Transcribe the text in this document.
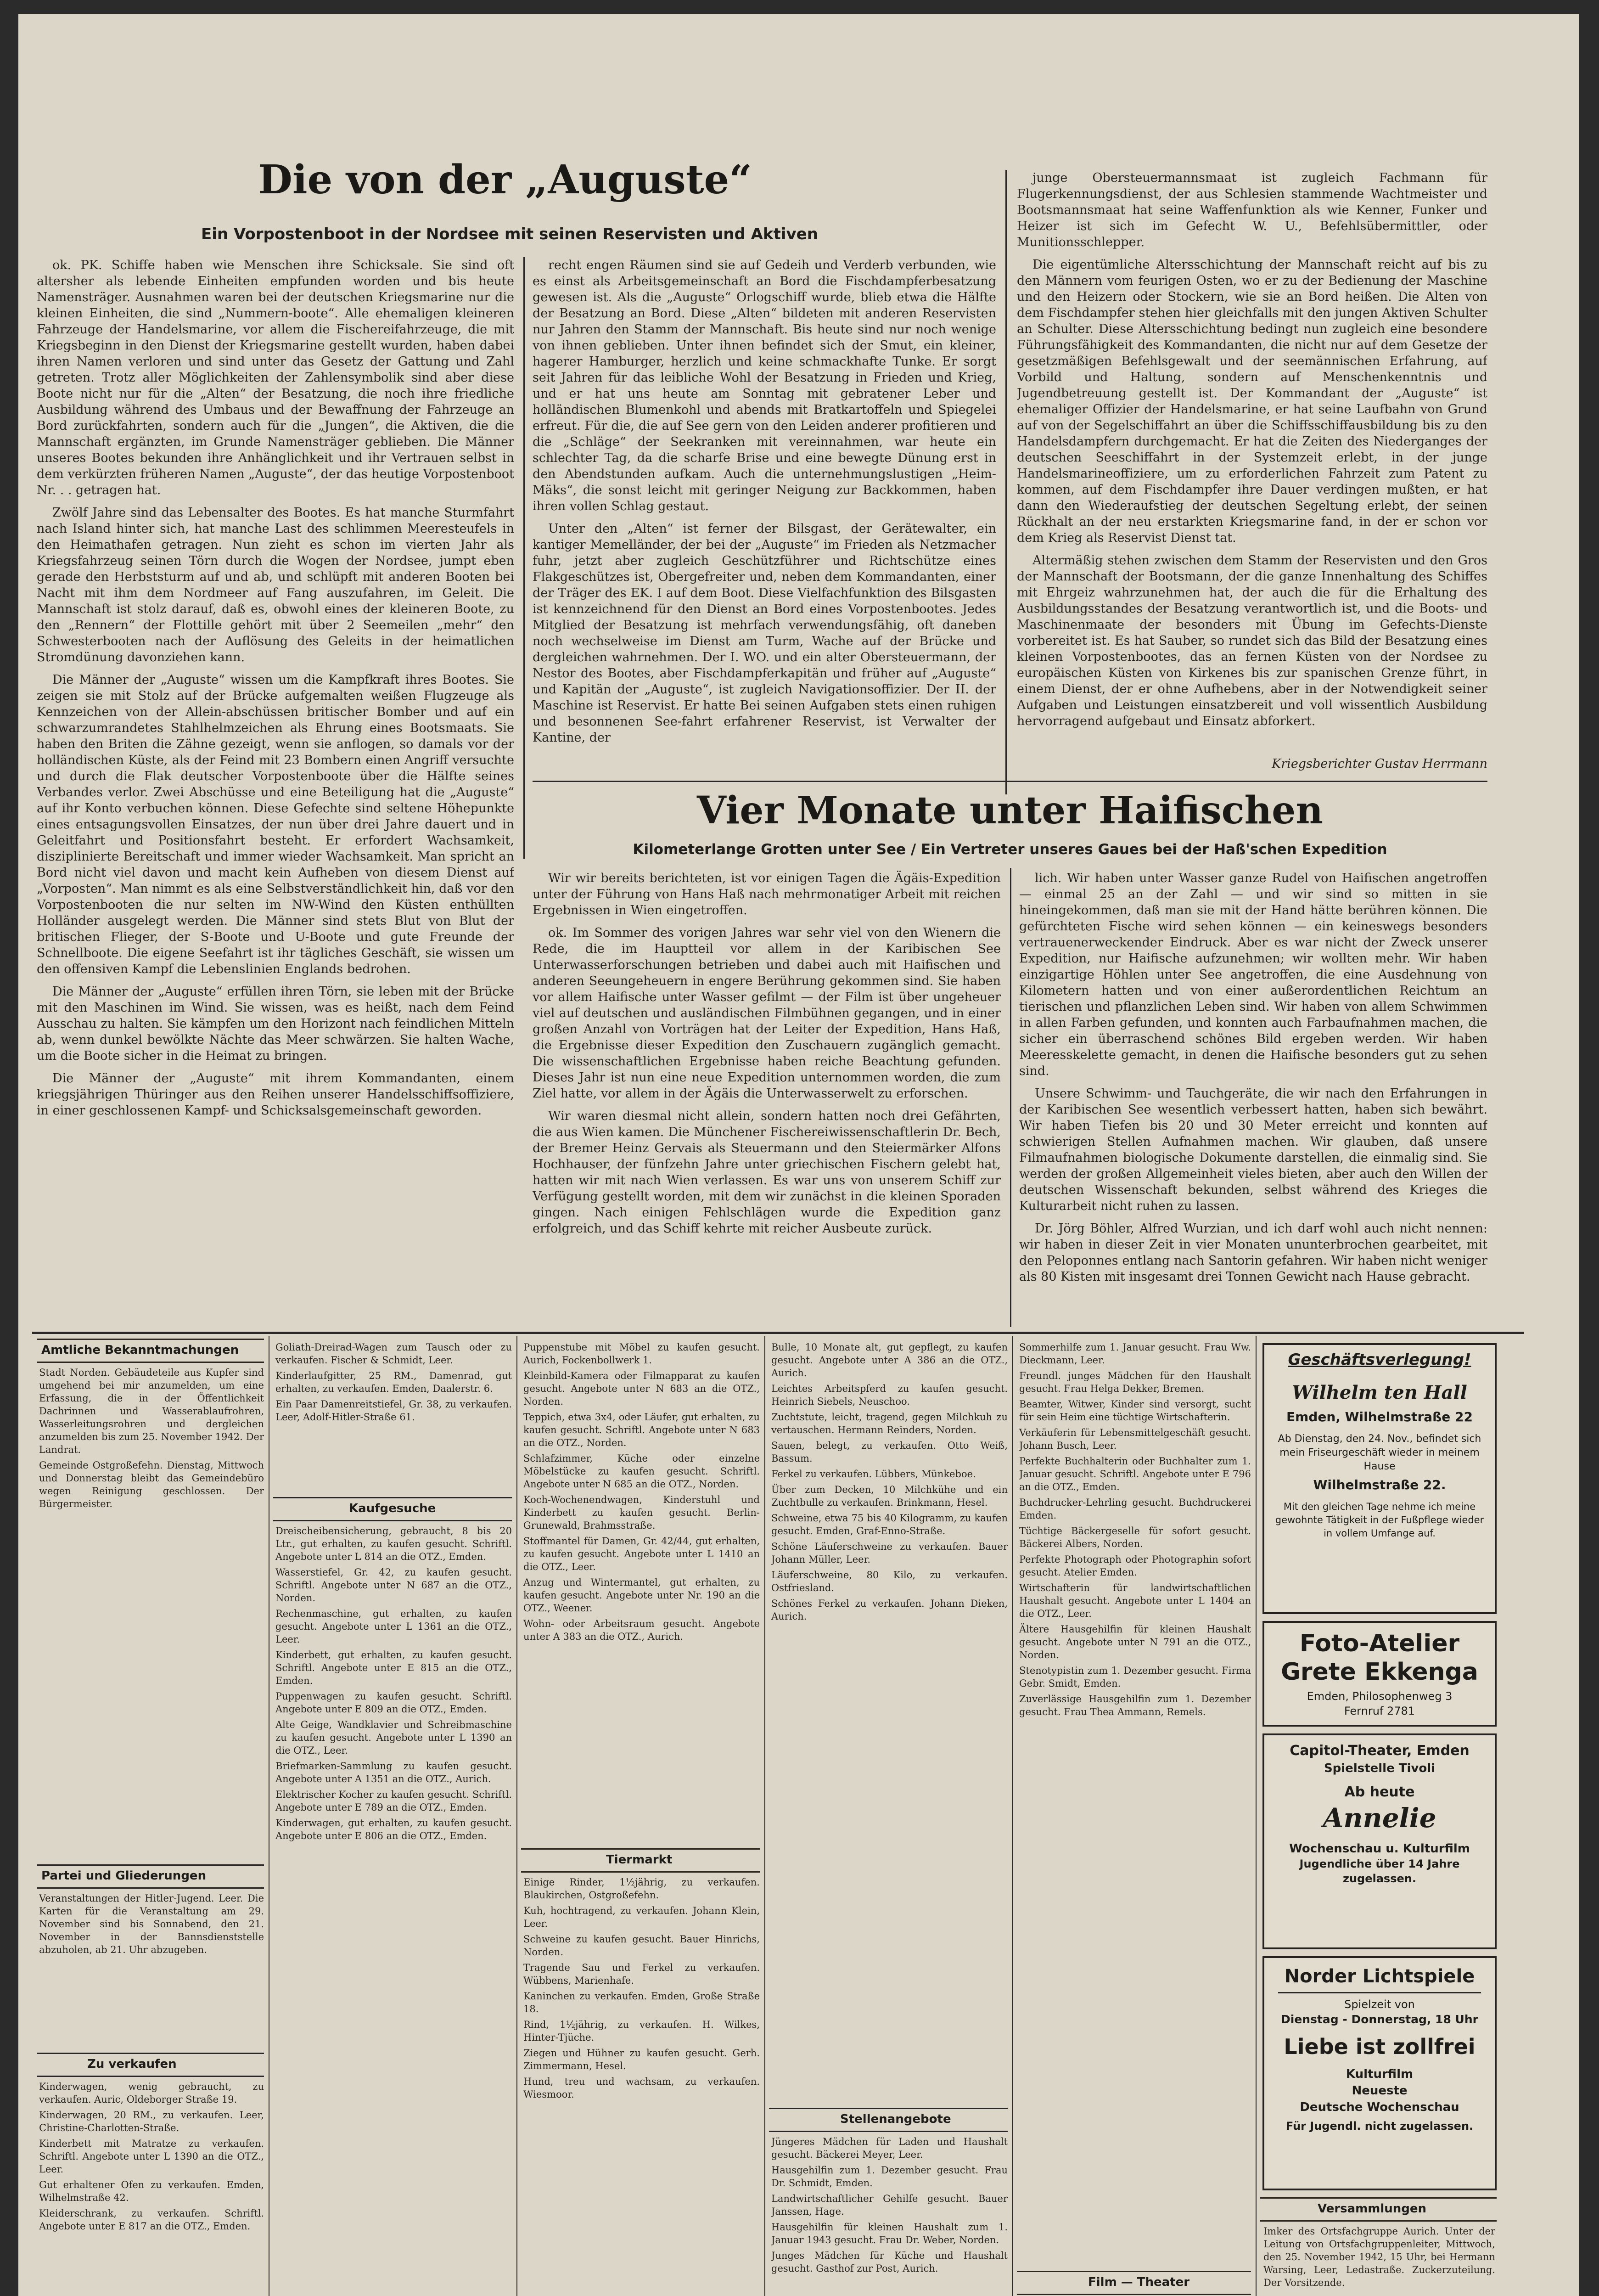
Die von der „Auguste“
Ein Vorpostenboot in der Nordsee mit seinen Reservisten und Aktiven

ok. PK. Schiffe haben wie Menschen ihre Schicksale. Sie sind oft altersher als lebende Einheiten empfunden worden und bis heute Namensträger. Ausnahmen waren bei der deutschen Kriegsmarine nur die kleinen Einheiten, die sind „Nummern-boote“. Alle ehemaligen kleineren Fahrzeuge der Handelsmarine, vor allem die Fischereifahrzeuge, die mit Kriegsbeginn in den Dienst der Kriegsmarine gestellt wurden, haben dabei ihren Namen verloren und sind unter das Gesetz der Gattung und Zahl getreten. Trotz aller Möglichkeiten der Zahlensymbolik sind aber diese Boote nicht nur für die „Alten“ der Besatzung, die noch ihre friedliche Ausbildung während des Umbaus und der Bewaffnung der Fahrzeuge an Bord zurückfahrten, sondern auch für die „Jungen“, die Aktiven, die die Mannschaft ergänzten, im Grunde Namensträger geblieben. Die Männer unseres Bootes bekunden ihre Anhänglichkeit und ihr Vertrauen selbst in dem verkürzten früheren Namen „Auguste“, der das heutige Vorpostenboot Nr. . . getragen hat.

Zwölf Jahre sind das Lebensalter des Bootes. Es hat manche Sturmfahrt nach Island hinter sich, hat manche Last des schlimmen Meeresteufels in den Heimathafen getragen. Nun zieht es schon im vierten Jahr als Kriegsfahrzeug seinen Törn durch die Wogen der Nordsee, jumpt eben gerade den Herbststurm auf und ab, und schlüpft mit anderen Booten bei Nacht mit ihm dem Nordmeer auf Fang auszufahren, im Geleit. Die Mannschaft ist stolz darauf, daß es, obwohl eines der kleineren Boote, zu den „Rennern“ der Flottille gehört mit über 2 Seemeilen „mehr“ den Schwesterbooten nach der Auflösung des Geleits in der heimatlichen Stromdünung davonziehen kann.

Die Männer der „Auguste“ wissen um die Kampfkraft ihres Bootes. Sie zeigen sie mit Stolz auf der Brücke aufgemalten weißen Flugzeuge als Kennzeichen von der Allein-abschüssen britischer Bomber und auf ein schwarzumrandetes Stahlhelmzeichen als Ehrung eines Bootsmaats. Sie haben den Briten die Zähne gezeigt, wenn sie anflogen, so damals vor der holländischen Küste, als der Feind mit 23 Bombern einen Angriff versuchte und durch die Flak deutscher Vorpostenboote über die Hälfte seines Verbandes verlor. Zwei Abschüsse und eine Beteiligung hat die „Auguste“ auf ihr Konto verbuchen können. Diese Gefechte sind seltene Höhepunkte eines entsagungsvollen Einsatzes, der nun über drei Jahre dauert und in Geleitfahrt und Positionsfahrt besteht. Er erfordert Wachsamkeit, disziplinierte Bereitschaft und immer wieder Wachsamkeit. Man spricht an Bord nicht viel davon und macht kein Aufheben von diesem Dienst auf „Vorposten“. Man nimmt es als eine Selbstverständlichkeit hin, daß vor den Vorpostenbooten die nur selten im NW-Wind den Küsten enthüllten Holländer ausgelegt werden. Die Männer sind stets Blut von Blut der britischen Flieger, der S-Boote und U-Boote und gute Freunde der Schnellboote. Die eigene Seefahrt ist ihr tägliches Geschäft, sie wissen um den offensiven Kampf die Lebenslinien Englands bedrohen.

Die Männer der „Auguste“ erfüllen ihren Törn, sie leben mit der Brücke mit den Maschinen im Wind. Sie wissen, was es heißt, nach dem Feind Ausschau zu halten. Sie kämpfen um den Horizont nach feindlichen Mitteln ab, wenn dunkel bewölkte Nächte das Meer schwärzen. Sie halten Wache, um die Boote sicher in die Heimat zu bringen.

Die Männer der „Auguste“ mit ihrem Kommandanten, einem kriegsjährigen Thüringer aus den Reihen unserer Handelsschiffsoffiziere, in einer geschlossenen Kampf- und Schicksalsgemeinschaft geworden.

recht engen Räumen sind sie auf Gedeih und Verderb verbunden, wie es einst als Arbeitsgemeinschaft an Bord die Fischdampferbesatzung gewesen ist. Als die „Auguste“ Orlogschiff wurde, blieb etwa die Hälfte der Besatzung an Bord. Diese „Alten“ bildeten mit anderen Reservisten nur Jahren den Stamm der Mannschaft. Bis heute sind nur noch wenige von ihnen geblieben. Unter ihnen befindet sich der Smut, ein kleiner, hagerer Hamburger, herzlich und keine schmackhafte Tunke. Er sorgt seit Jahren für das leibliche Wohl der Besatzung in Frieden und Krieg, und er hat uns heute am Sonntag mit gebratener Leber und holländischen Blumenkohl und abends mit Bratkartoffeln und Spiegelei erfreut. Für die, die auf See gern von den Leiden anderer profitieren und die „Schläge“ der Seekranken mit vereinnahmen, war heute ein schlechter Tag, da die scharfe Brise und eine bewegte Dünung erst in den Abendstunden aufkam. Auch die unternehmungslustigen „Heim-Mäks“, die sonst leicht mit geringer Neigung zur Backkommen, haben ihren vollen Schlag gestaut.

Unter den „Alten“ ist ferner der Bilsgast, der Gerätewalter, ein kantiger Memelländer, der bei der „Auguste“ im Frieden als Netzmacher fuhr, jetzt aber zugleich Geschützführer und Richtschütze eines Flakgeschützes ist, Obergefreiter und, neben dem Kommandanten, einer der Träger des EK. I auf dem Boot. Diese Vielfachfunktion des Bilsgasten ist kennzeichnend für den Dienst an Bord eines Vorpostenbootes. Jedes Mitglied der Besatzung ist mehrfach verwendungsfähig, oft daneben noch wechselweise im Dienst am Turm, Wache auf der Brücke und dergleichen wahrnehmen. Der I. WO. und ein alter Obersteuermann, der Nestor des Bootes, aber Fischdampferkapitän und früher auf „Auguste“ und Kapitän der „Auguste“, ist zugleich Navigationsoffizier. Der II. der Maschine ist Reservist. Er hatte Bei seinen Aufgaben stets einen ruhigen und besonnenen See-fahrt erfahrener Reservist, ist Verwalter der Kantine, der

junge Obersteuermannsmaat ist zugleich Fachmann für Flugerkennungsdienst, der aus Schlesien stammende Wachtmeister und Bootsmannsmaat hat seine Waffenfunktion als wie Kenner, Funker und Heizer ist sich im Gefecht W. U., Befehlsübermittler, oder Munitionsschlepper.

Die eigentümliche Altersschichtung der Mannschaft reicht auf bis zu den Männern vom feurigen Osten, wo er zu der Bedienung der Maschine und den Heizern oder Stockern, wie sie an Bord heißen. Die Alten von dem Fischdampfer stehen hier gleichfalls mit den jungen Aktiven Schulter an Schulter. Diese Altersschichtung bedingt nun zugleich eine besondere Führungsfähigkeit des Kommandanten, die nicht nur auf dem Gesetze der gesetzmäßigen Befehlsgewalt und der seemännischen Erfahrung, auf Vorbild und Haltung, sondern auf Menschenkenntnis und Jugendbetreuung gestellt ist. Der Kommandant der „Auguste“ ist ehemaliger Offizier der Handelsmarine, er hat seine Laufbahn von Grund auf von der Segelschiffahrt an über die Schiffsschiffausbildung bis zu den Handelsdampfern durchgemacht. Er hat die Zeiten des Niederganges der deutschen Seeschiffahrt in der Systemzeit erlebt, in der junge Handelsmarineoffiziere, um zu erforderlichen Fahrzeit zum Patent zu kommen, auf dem Fischdampfer ihre Dauer verdingen mußten, er hat dann den Wiederaufstieg der deutschen Segeltung erlebt, der seinen Rückhalt an der neu erstarkten Kriegsmarine fand, in der er schon vor dem Krieg als Reservist Dienst tat.

Altermäßig stehen zwischen dem Stamm der Reservisten und den Gros der Mannschaft der Bootsmann, der die ganze Innenhaltung des Schiffes mit Ehrgeiz wahrzunehmen hat, der auch die für die Erhaltung des Ausbildungsstandes der Besatzung verantwortlich ist, und die Boots- und Maschinenmaate der besonders mit Übung im Gefechts-Dienste vorbereitet ist. Es hat Sauber, so rundet sich das Bild der Besatzung eines kleinen Vorpostenbootes, das an fernen Küsten von der Nordsee zu europäischen Küsten von Kirkenes bis zur spanischen Grenze führt, in einem Dienst, der er ohne Aufhebens, aber in der Notwendigkeit seiner Aufgaben und Leistungen einsatzbereit und voll wissentlich Ausbildung hervorragend aufgebaut und Einsatz abforkert.

Kriegsberichter Gustav Herrmann
Vier Monate unter Haifischen
Kilometerlange Grotten unter See / Ein Vertreter unseres Gaues bei der Haß'schen Expedition

Wir wir bereits berichteten, ist vor einigen Tagen die Ägäis-Expedition unter der Führung von Hans Haß nach mehrmonatiger Arbeit mit reichen Ergebnissen in Wien eingetroffen.

ok. Im Sommer des vorigen Jahres war sehr viel von den Wienern die Rede, die im Hauptteil vor allem in der Karibischen See Unterwasserforschungen betrieben und dabei auch mit Haifischen und anderen Seeungeheuern in engere Berührung gekommen sind. Sie haben vor allem Haifische unter Wasser gefilmt — der Film ist über ungeheuer viel auf deutschen und ausländischen Filmbühnen gegangen, und in einer großen Anzahl von Vorträgen hat der Leiter der Expedition, Hans Haß, die Ergebnisse dieser Expedition den Zuschauern zugänglich gemacht. Die wissenschaftlichen Ergebnisse haben reiche Beachtung gefunden. Dieses Jahr ist nun eine neue Expedition unternommen worden, die zum Ziel hatte, vor allem in der Ägäis die Unterwasserwelt zu erforschen.

Wir waren diesmal nicht allein, sondern hatten noch drei Gefährten, die aus Wien kamen. Die Münchener Fischereiwissenschaftlerin Dr. Bech, der Bremer Heinz Gervais als Steuermann und den Steiermärker Alfons Hochhauser, der fünfzehn Jahre unter griechischen Fischern gelebt hat, hatten wir mit nach Wien verlassen. Es war uns von unserem Schiff zur Verfügung gestellt worden, mit dem wir zunächst in die kleinen Sporaden gingen. Nach einigen Fehlschlägen wurde die Expedition ganz erfolgreich, und das Schiff kehrte mit reicher Ausbeute zurück.

lich. Wir haben unter Wasser ganze Rudel von Haifischen angetroffen — einmal 25 an der Zahl — und wir sind so mitten in sie hineingekommen, daß man sie mit der Hand hätte berühren können. Die gefürchteten Fische wird sehen können — ein keineswegs besonders vertrauenerweckender Eindruck. Aber es war nicht der Zweck unserer Expedition, nur Haifische aufzunehmen; wir wollten mehr. Wir haben einzigartige Höhlen unter See angetroffen, die eine Ausdehnung von Kilometern hatten und von einer außerordentlichen Reichtum an tierischen und pflanzlichen Leben sind. Wir haben von allem Schwimmen in allen Farben gefunden, und konnten auch Farbaufnahmen machen, die sicher ein überraschend schönes Bild ergeben werden. Wir haben Meeresskelette gemacht, in denen die Haifische besonders gut zu sehen sind.

Unsere Schwimm- und Tauchgeräte, die wir nach den Erfahrungen in der Karibischen See wesentlich verbessert hatten, haben sich bewährt. Wir haben Tiefen bis 20 und 30 Meter erreicht und konnten auf schwierigen Stellen Aufnahmen machen. Wir glauben, daß unsere Filmaufnahmen biologische Dokumente darstellen, die einmalig sind. Sie werden der großen Allgemeinheit vieles bieten, aber auch den Willen der deutschen Wissenschaft bekunden, selbst während des Krieges die Kulturarbeit nicht ruhen zu lassen.

Dr. Jörg Böhler, Alfred Wurzian, und ich darf wohl auch nicht nennen: wir haben in dieser Zeit in vier Monaten ununterbrochen gearbeitet, mit den Peloponnes entlang nach Santorin gefahren. Wir haben nicht weniger als 80 Kisten mit insgesamt drei Tonnen Gewicht nach Hause gebracht.

Amtliche Bekanntmachungen

Stadt Norden. Gebäudeteile aus Kupfer sind umgehend bei mir anzumelden, um eine Erfassung, die in der Öffentlichkeit Dachrinnen und Wasserablaufrohren, Wasserleitungsrohren und dergleichen anzumelden bis zum 25. November 1942. Der Landrat.

Gemeinde Ostgroßefehn. Dienstag, Mittwoch und Donnerstag bleibt das Gemeindebüro wegen Reinigung geschlossen. Der Bürgermeister.

Partei und Gliederungen

Veranstaltungen der Hitler-Jugend. Leer. Die Karten für die Veranstaltung am 29. November sind bis Sonnabend, den 21. November in der Bannsdienststelle abzuholen, ab 21. Uhr abzugeben.

Zu verkaufen

Kinderwagen, wenig gebraucht, zu verkaufen. Auric, Oldeborger Straße 19.

Kinderwagen, 20 RM., zu verkaufen. Leer, Christine-Charlotten-Straße.

Kinderbett mit Matratze zu verkaufen. Schriftl. Angebote unter L 1390 an die OTZ., Leer.

Gut erhaltener Ofen zu verkaufen. Emden, Wilhelmstraße 42.

Kleiderschrank, zu verkaufen. Schriftl. Angebote unter E 817 an die OTZ., Emden.

Goliath-Dreirad-Wagen zum Tausch oder zu verkaufen. Fischer & Schmidt, Leer.

Kinderlaufgitter, 25 RM., Damenrad, gut erhalten, zu verkaufen. Emden, Daalerstr. 6.

Ein Paar Damenreitstiefel, Gr. 38, zu verkaufen. Leer, Adolf-Hitler-Straße 61.

Kaufgesuche

Dreischeibensicherung, gebraucht, 8 bis 20 Ltr., gut erhalten, zu kaufen gesucht. Schriftl. Angebote unter L 814 an die OTZ., Emden.

Wasserstiefel, Gr. 42, zu kaufen gesucht. Schriftl. Angebote unter N 687 an die OTZ., Norden.

Rechenmaschine, gut erhalten, zu kaufen gesucht. Angebote unter L 1361 an die OTZ., Leer.

Kinderbett, gut erhalten, zu kaufen gesucht. Schriftl. Angebote unter E 815 an die OTZ., Emden.

Puppenwagen zu kaufen gesucht. Schriftl. Angebote unter E 809 an die OTZ., Emden.

Alte Geige, Wandklavier und Schreibmaschine zu kaufen gesucht. Angebote unter L 1390 an die OTZ., Leer.

Briefmarken-Sammlung zu kaufen gesucht. Angebote unter A 1351 an die OTZ., Aurich.

Elektrischer Kocher zu kaufen gesucht. Schriftl. Angebote unter E 789 an die OTZ., Emden.

Kinderwagen, gut erhalten, zu kaufen gesucht. Angebote unter E 806 an die OTZ., Emden.

Puppenstube mit Möbel zu kaufen gesucht. Aurich, Fockenbollwerk 1.

Kleinbild-Kamera oder Filmapparat zu kaufen gesucht. Angebote unter N 683 an die OTZ., Norden.

Teppich, etwa 3x4, oder Läufer, gut erhalten, zu kaufen gesucht. Schriftl. Angebote unter N 683 an die OTZ., Norden.

Schlafzimmer, Küche oder einzelne Möbelstücke zu kaufen gesucht. Schriftl. Angebote unter N 685 an die OTZ., Norden.

Koch-Wochenendwagen, Kinderstuhl und Kinderbett zu kaufen gesucht. Berlin-Grunewald, Brahmsstraße.

Stoffmantel für Damen, Gr. 42/44, gut erhalten, zu kaufen gesucht. Angebote unter L 1410 an die OTZ., Leer.

Anzug und Wintermantel, gut erhalten, zu kaufen gesucht. Angebote unter Nr. 190 an die OTZ., Weener.

Wohn- oder Arbeitsraum gesucht. Angebote unter A 383 an die OTZ., Aurich.

Tiermarkt

Einige Rinder, 1½jährig, zu verkaufen. Blaukirchen, Ostgroßefehn.

Kuh, hochtragend, zu verkaufen. Johann Klein, Leer.

Schweine zu kaufen gesucht. Bauer Hinrichs, Norden.

Tragende Sau und Ferkel zu verkaufen. Wübbens, Marienhafe.

Kaninchen zu verkaufen. Emden, Große Straße 18.

Rind, 1½jährig, zu verkaufen. H. Wilkes, Hinter-Tjüche.

Ziegen und Hühner zu kaufen gesucht. Gerh. Zimmermann, Hesel.

Hund, treu und wachsam, zu verkaufen. Wiesmoor.

Bulle, 10 Monate alt, gut gepflegt, zu kaufen gesucht. Angebote unter A 386 an die OTZ., Aurich.

Leichtes Arbeitspferd zu kaufen gesucht. Heinrich Siebels, Neuschoo.

Zuchtstute, leicht, tragend, gegen Milchkuh zu vertauschen. Hermann Reinders, Norden.

Sauen, belegt, zu verkaufen. Otto Weiß, Bassum.

Ferkel zu verkaufen. Lübbers, Münkeboe.

Über zum Decken, 10 Milchkühe und ein Zuchtbulle zu verkaufen. Brinkmann, Hesel.

Schweine, etwa 75 bis 40 Kilogramm, zu kaufen gesucht. Emden, Graf-Enno-Straße.

Schöne Läuferschweine zu verkaufen. Bauer Johann Müller, Leer.

Läuferschweine, 80 Kilo, zu verkaufen. Ostfriesland.

Schönes Ferkel zu verkaufen. Johann Dieken, Aurich.

Stellenangebote

Jüngeres Mädchen für Laden und Haushalt gesucht. Bäckerei Meyer, Leer.

Hausgehilfin zum 1. Dezember gesucht. Frau Dr. Schmidt, Emden.

Landwirtschaftlicher Gehilfe gesucht. Bauer Janssen, Hage.

Hausgehilfin für kleinen Haushalt zum 1. Januar 1943 gesucht. Frau Dr. Weber, Norden.

Junges Mädchen für Küche und Haushalt gesucht. Gasthof zur Post, Aurich.

Sommerhilfe zum 1. Januar gesucht. Frau Ww. Dieckmann, Leer.

Freundl. junges Mädchen für den Haushalt gesucht. Frau Helga Dekker, Bremen.

Beamter, Witwer, Kinder sind versorgt, sucht für sein Heim eine tüchtige Wirtschafterin.

Verkäuferin für Lebensmittelgeschäft gesucht. Johann Busch, Leer.

Perfekte Buchhalterin oder Buchhalter zum 1. Januar gesucht. Schriftl. Angebote unter E 796 an die OTZ., Emden.

Buchdrucker-Lehrling gesucht. Buchdruckerei Emden.

Tüchtige Bäckergeselle für sofort gesucht. Bäckerei Albers, Norden.

Perfekte Photograph oder Photographin sofort gesucht. Atelier Emden.

Wirtschafterin für landwirtschaftlichen Haushalt gesucht. Angebote unter L 1404 an die OTZ., Leer.

Ältere Hausgehilfin für kleinen Haushalt gesucht. Angebote unter N 791 an die OTZ., Norden.

Stenotypistin zum 1. Dezember gesucht. Firma Gebr. Smidt, Emden.

Zuverlässige Hausgehilfin zum 1. Dezember gesucht. Frau Thea Ammann, Remels.

Film — Theater

Geschäftsverlegung!
Wilhelm ten Hall
Emden, Wilhelmstraße 22
Ab Dienstag, den 24. Nov., befindet sich mein Friseurgeschäft wieder in meinem Hause
Wilhelmstraße 22.
Mit den gleichen Tage nehme ich meine gewohnte Tätigkeit in der Fußpflege wieder in vollem Umfange auf.
Foto-Atelier
Grete Ekkenga
Emden, Philosophenweg 3
Fernruf 2781
Capitol-Theater, Emden
Spielstelle Tivoli
Ab heute
Annelie
Wochenschau u. Kulturfilm
Jugendliche über 14 Jahre zugelassen.
Norder Lichtspiele
Spielzeit von
Dienstag - Donnerstag, 18 Uhr
Liebe ist zollfrei
Kulturfilm
Neueste
Deutsche Wochenschau
Für Jugendl. nicht zugelassen.
Versammlungen

Imker des Ortsfachgruppe Aurich. Unter der Leitung von Ortsfachgruppenleiter, Mittwoch, den 25. November 1942, 15 Uhr, bei Hermann Warsing, Leer, Ledastraße. Zuckerzuteilung. Der Vorsitzende.
